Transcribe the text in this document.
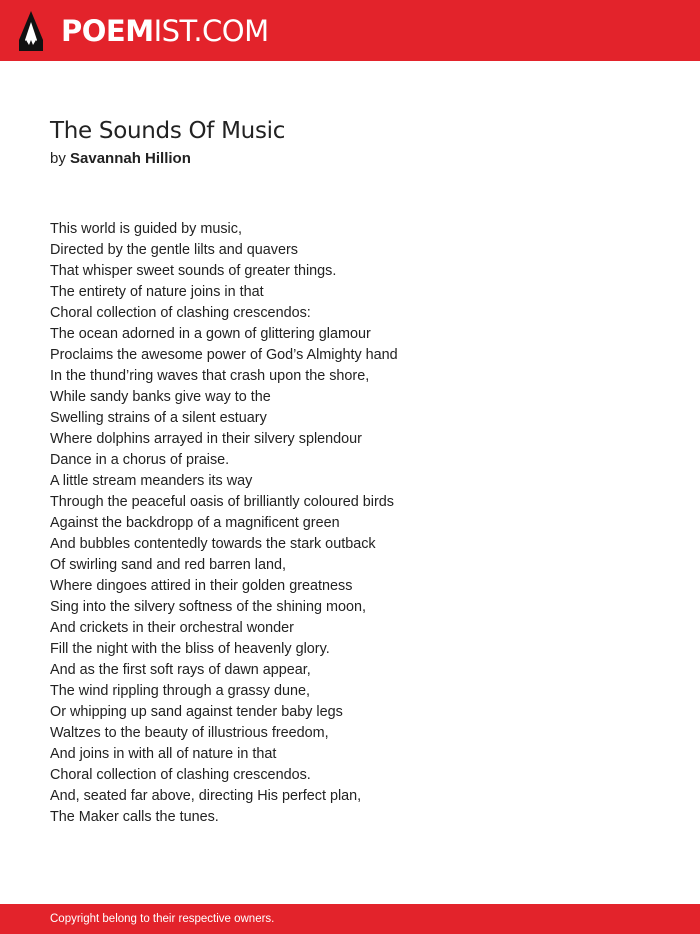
POEMIST.COM
The Sounds Of Music
by Savannah Hillion
This world is guided by music,
Directed by the gentle lilts and quavers
That whisper sweet sounds of greater things.
The entirety of nature joins in that
Choral collection of clashing crescendos:
The ocean adorned in a gown of glittering glamour
Proclaims the awesome power of God’s Almighty hand
In the thund’ring waves that crash upon the shore,
While sandy banks give way to the
Swelling strains of a silent estuary
Where dolphins arrayed in their silvery splendour
Dance in a chorus of praise.
A little stream meanders its way
Through the peaceful oasis of brilliantly coloured birds
Against the backdropp of a magnificent green
And bubbles contentedly towards the stark outback
Of swirling sand and red barren land,
Where dingoes attired in their golden greatness
Sing into the silvery softness of the shining moon,
And crickets in their orchestral wonder
Fill the night with the bliss of heavenly glory.
And as the first soft rays of dawn appear,
The wind rippling through a grassy dune,
Or whipping up sand against tender baby legs
Waltzes to the beauty of illustrious freedom,
And joins in with all of nature in that
Choral collection of clashing crescendos.
And, seated far above, directing His perfect plan,
The Maker calls the tunes.
Copyright belong to their respective owners.
